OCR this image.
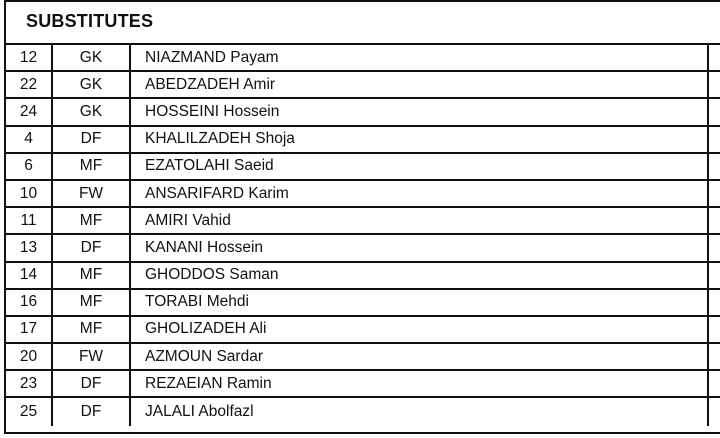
SUBSTITUTES
12	GK	NIAZMAND Payam
22	GK	ABEDZADEH Amir
24	GK	HOSSEINI Hossein
4	DF	KHALILZADEH Shoja
6	MF	EZATOLAHI Saeid
10	FW	ANSARIFARD Karim
11	MF	AMIRI Vahid
13	DF	KANANI Hossein
14	MF	GHODDOS Saman
16	MF	TORABI Mehdi
17	MF	GHOLIZADEH Ali
20	FW	AZMOUN Sardar
23	DF	REZAEIAN Ramin
25	DF	JALALI Abolfazl
